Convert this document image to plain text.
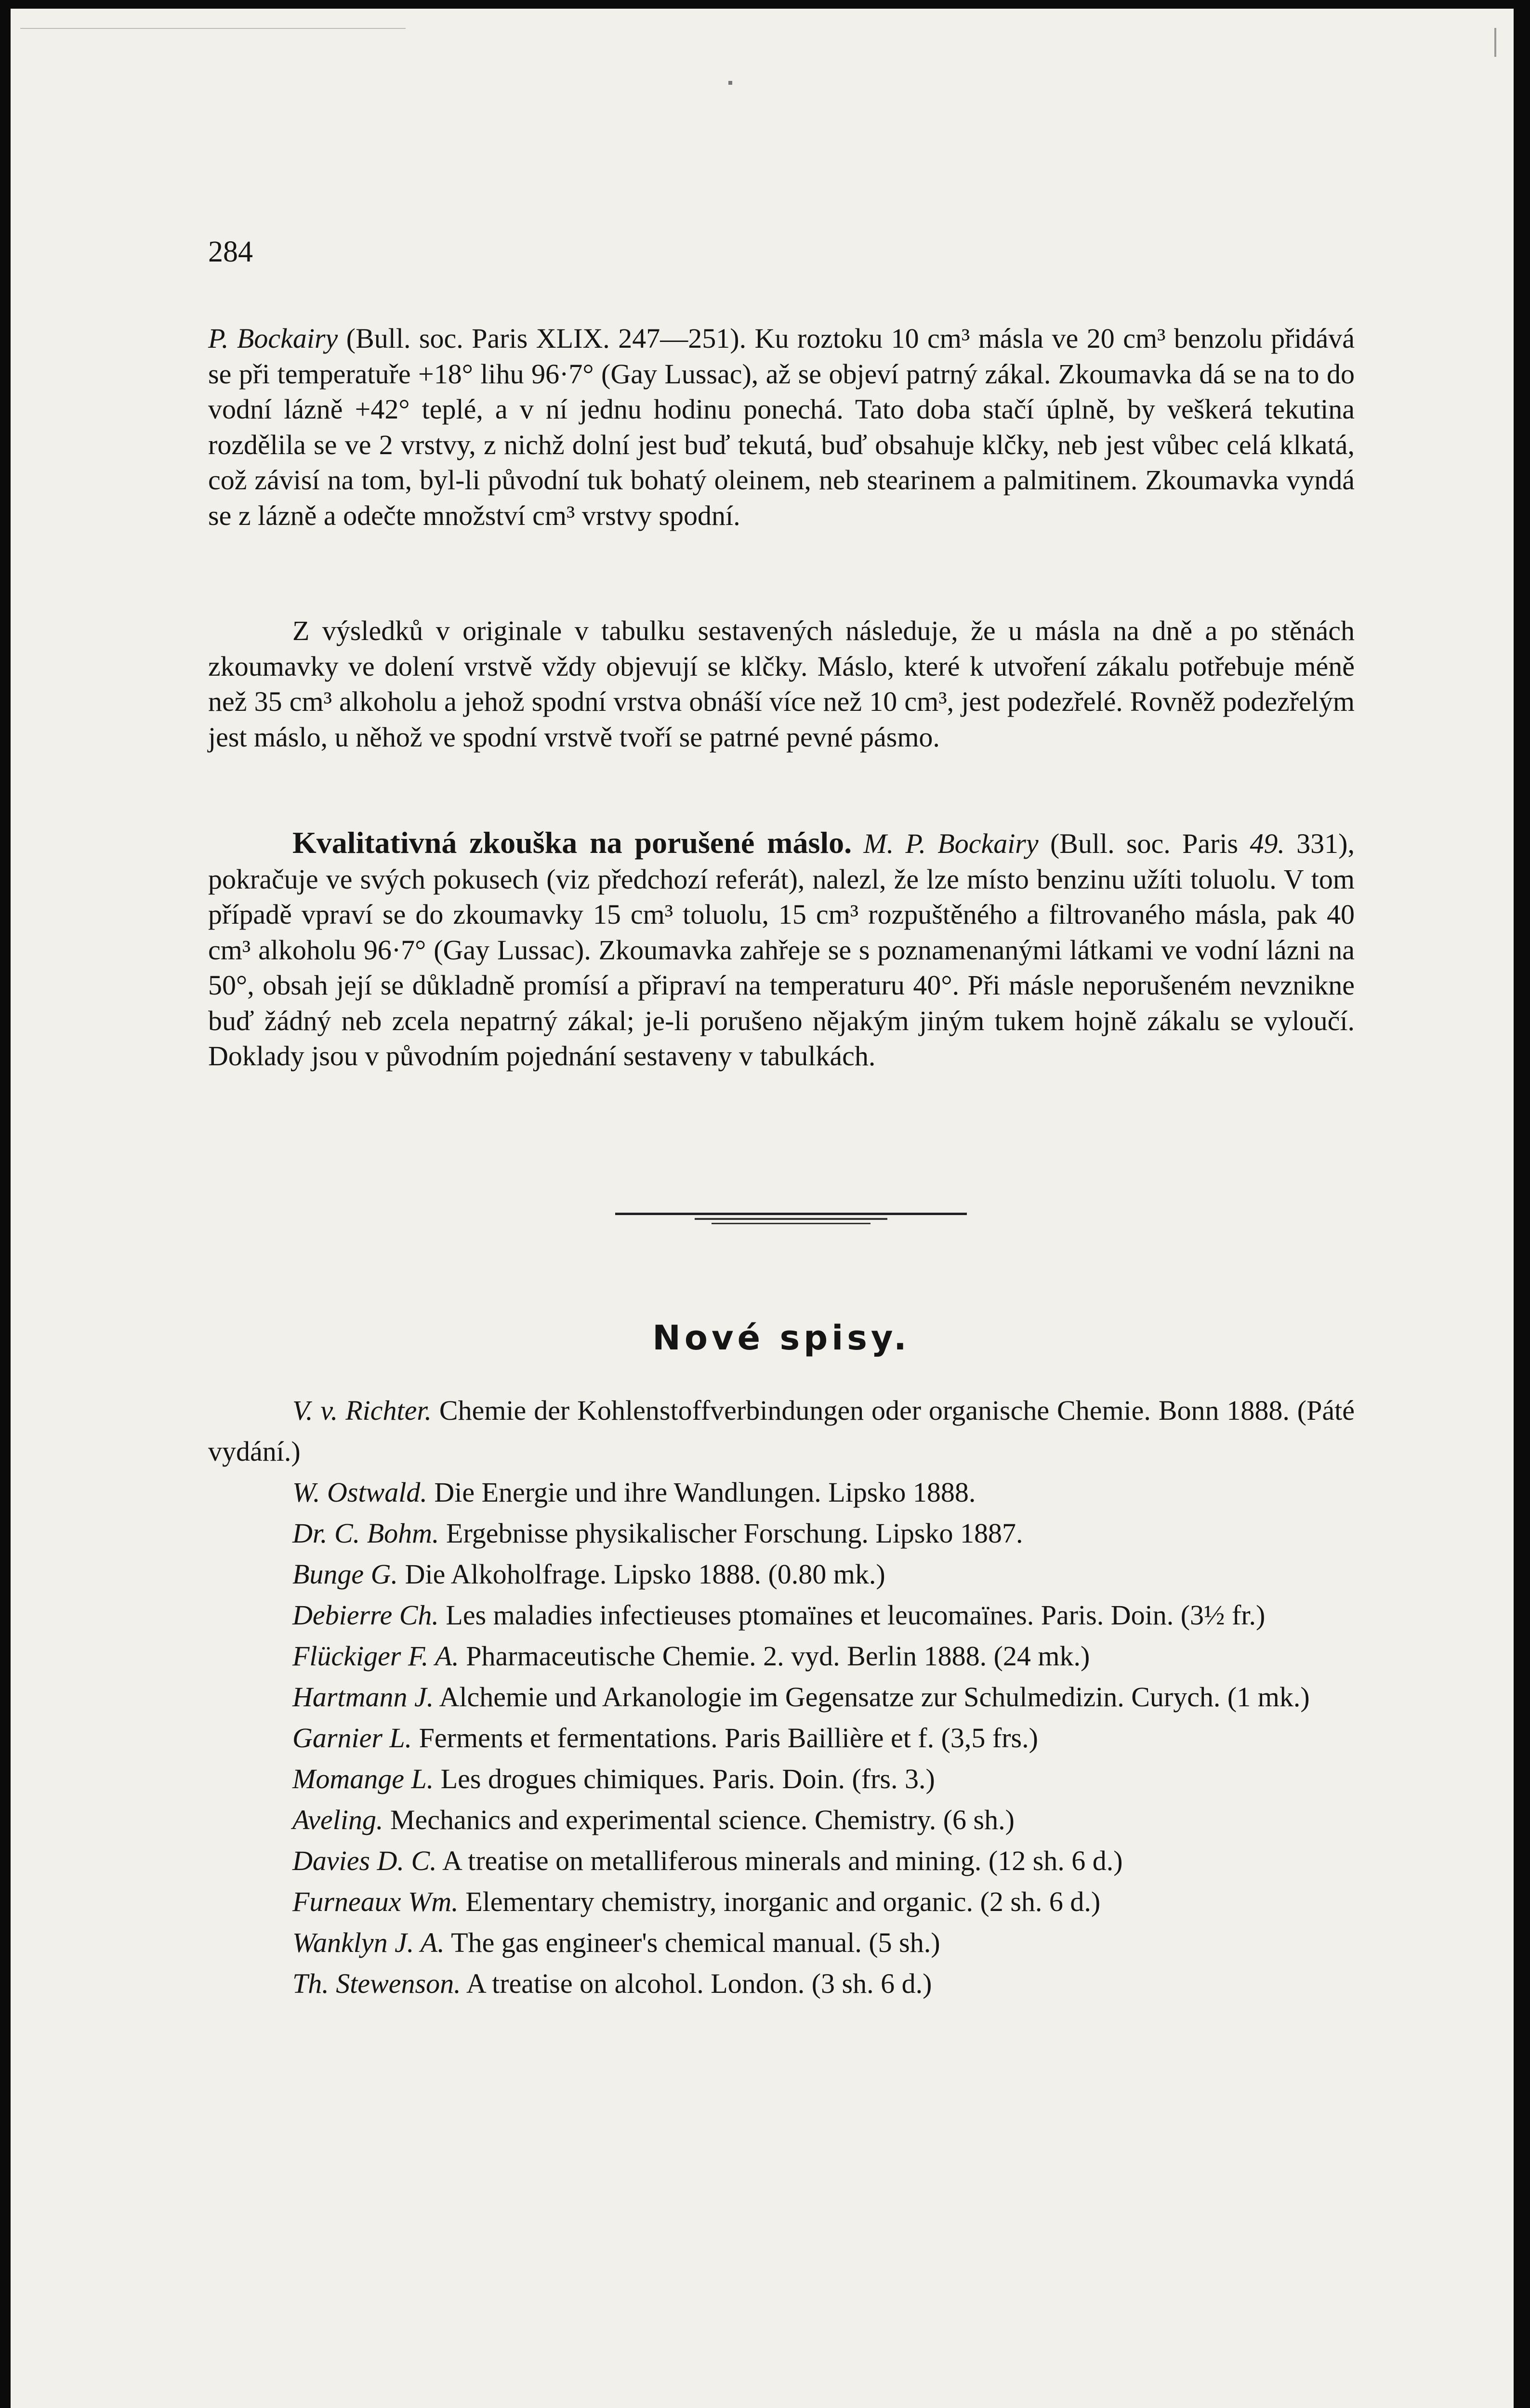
284
P. Bockairy (Bull. soc. Paris XLIX. 247—251). Ku roztoku 10 cm³ másla ve 20 cm³ benzolu přidává se při temperatuře +18° lihu 96·7° (Gay Lussac), až se objeví patrný zákal. Zkoumavka dá se na to do vodní lázně +42° teplé, a v ní jednu hodinu ponechá. Tato doba stačí úplně, by veškerá tekutina rozdělila se ve 2 vrstvy, z nichž dolní jest buď tekutá, buď obsahuje klčky, neb jest vůbec celá klkatá, což závisí na tom, byl-li původní tuk bohatý oleinem, neb stearinem a palmitinem. Zkoumavka vyndá se z lázně a odečte množství cm³ vrstvy spodní.
Z výsledků v originale v tabulku sestavených následuje, že u másla na dně a po stěnách zkoumavky ve dolení vrstvě vždy objevují se klčky. Máslo, které k utvoření zákalu potřebuje méně než 35 cm³ alkoholu a jehož spodní vrstva obnáší více než 10 cm³, jest podezřelé. Rovněž podezřelým jest máslo, u něhož ve spodní vrstvě tvoří se patrné pevné pásmo.
Kvalitativná zkouška na porušené máslo. M. P. Bockairy (Bull. soc. Paris 49. 331), pokračuje ve svých pokusech (viz předchozí referát), nalezl, že lze místo benzinu užíti toluolu. V tom případě vpraví se do zkoumavky 15 cm³ toluolu, 15 cm³ rozpuštěného a filtrovaného másla, pak 40 cm³ alkoholu 96·7° (Gay Lussac). Zkoumavka zahřeje se s poznamenanými látkami ve vodní lázni na 50°, obsah její se důkladně promísí a připraví na temperaturu 40°. Při másle neporušeném nevznikne buď žádný neb zcela nepatrný zákal; je-li porušeno nějakým jiným tukem hojně zákalu se vyloučí. Doklady jsou v původním pojednání sestaveny v tabulkách.
Nové spisy.

V. v. Richter. Chemie der Kohlenstoffverbindungen oder organische Chemie. Bonn 1888. (Páté vydání.)

W. Ostwald. Die Energie und ihre Wandlungen. Lipsko 1888.

Dr. C. Bohm. Ergebnisse physikalischer Forschung. Lipsko 1887.

Bunge G. Die Alkoholfrage. Lipsko 1888. (0.80 mk.)

Debierre Ch. Les maladies infectieuses ptomaïnes et leucomaïnes. Paris. Doin. (3½ fr.)

Flückiger F. A. Pharmaceutische Chemie. 2. vyd. Berlin 1888. (24 mk.)

Hartmann J. Alchemie und Arkanologie im Gegensatze zur Schulmedizin. Curych. (1 mk.)

Garnier L. Ferments et fermentations. Paris Baillière et f. (3,5 frs.)

Momange L. Les drogues chimiques. Paris. Doin. (frs. 3.)

Aveling. Mechanics and experimental science. Chemistry. (6 sh.)

Davies D. C. A treatise on metalliferous minerals and mining. (12 sh. 6 d.)

Furneaux Wm. Elementary chemistry, inorganic and organic. (2 sh. 6 d.)

Wanklyn J. A. The gas engineer's chemical manual. (5 sh.)

Th. Stewenson. A treatise on alcohol. London. (3 sh. 6 d.)
